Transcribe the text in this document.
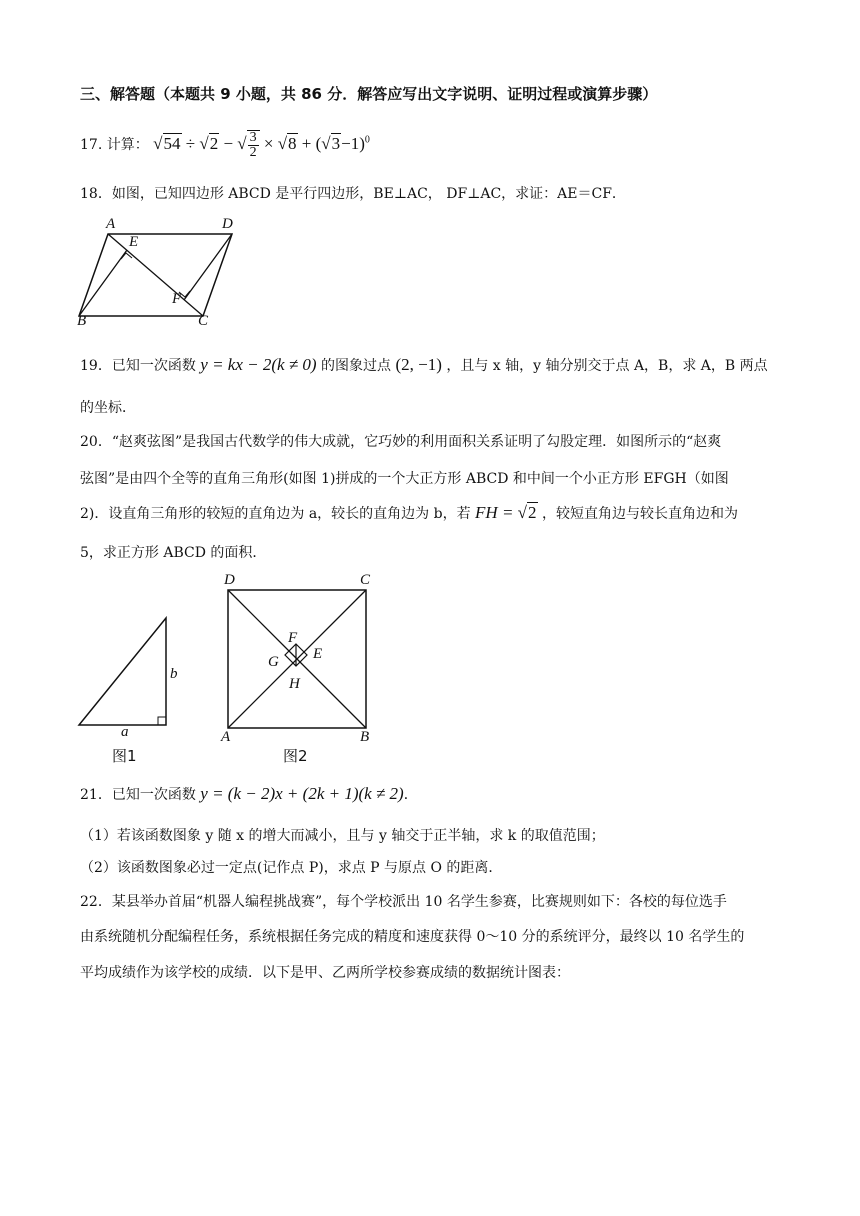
三、解答题（本题共 9 小题，共 86 分．解答应写出文字说明、证明过程或演算步骤）
17. 计算： $√54 \div √2 - √\frac{3}{2} \times √8 + (√3-1)^0$
18．如图，已知四边形 ABCD 是平行四边形，BE⊥AC， DF⊥AC，求证：AE＝CF．
A	D
E
F
B	C
19．已知一次函数 y = kx − 2(k ≠ 0) 的图象过点 (2, −1) ，且与 x 轴，y 轴分别交于点 A，B，求 A，B 两点
的坐标．
20．“赵爽弦图”是我国古代数学的伟大成就，它巧妙的利用面积关系证明了勾股定理．如图所示的“赵爽
弦图”是由四个全等的直角三角形(如图 1)拼成的一个大正方形 ABCD 和中间一个小正方形 EFGH（如图
2)．设直角三角形的较短的直角边为 a，较长的直角边为 b，若 FH = √2 ，较短直角边与较长直角边和为
5，求正方形 ABCD 的面积．
a
b
图1
D	C
F
E
G
H
A	B
图2
21．已知一次函数 y = (k − 2)x + (2k + 1)(k ≠ 2)．
（1）若该函数图象 y 随 x 的增大而减小，且与 y 轴交于正半轴，求 k 的取值范围；
（2）该函数图象必过一定点(记作点 P)，求点 P 与原点 O 的距离．
22．某县举办首届“机器人编程挑战赛”，每个学校派出 10 名学生参赛，比赛规则如下：各校的每位选手
由系统随机分配编程任务，系统根据任务完成的精度和速度获得 0～10 分的系统评分，最终以 10 名学生的
平均成绩作为该学校的成绩．以下是甲、乙两所学校参赛成绩的数据统计图表：
